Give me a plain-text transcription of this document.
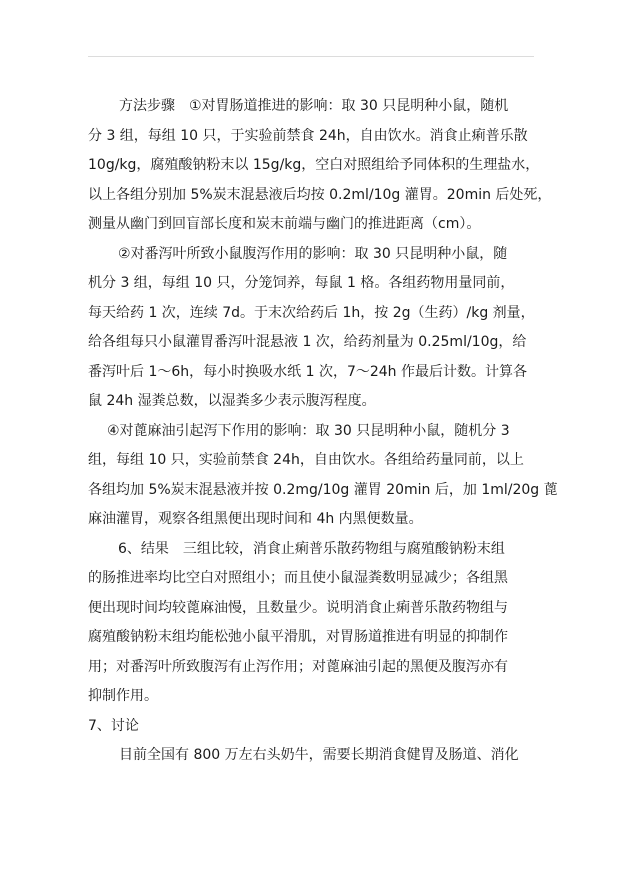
方法步骤　①对胃肠道推进的影响：取 30 只昆明种小鼠，随机
分 3 组，每组 10 只，于实验前禁食 24h，自由饮水。消食止痢普乐散
10g/kg，腐殖酸钠粉末以 15g/kg，空白对照组给予同体积的生理盐水，
以上各组分别加 5%炭末混悬液后均按 0.2ml/10g 灌胃。20min 后处死，
测量从幽门到回盲部长度和炭末前端与幽门的推进距离（cm）。
②对番泻叶所致小鼠腹泻作用的影响：取 30 只昆明种小鼠，随
机分 3 组，每组 10 只，分笼饲养，每鼠 1 格。各组药物用量同前，
每天给药 1 次，连续 7d。于末次给药后 1h，按 2g（生药）/kg 剂量，
给各组每只小鼠灌胃番泻叶混悬液 1 次，给药剂量为 0.25ml/10g，给
番泻叶后 1～6h，每小时换吸水纸 1 次，7～24h 作最后计数。计算各
鼠 24h 湿粪总数，以湿粪多少表示腹泻程度。
④对蓖麻油引起泻下作用的影响：取 30 只昆明种小鼠，随机分 3
组，每组 10 只，实验前禁食 24h，自由饮水。各组给药量同前，以上
各组均加 5%炭末混悬液并按 0.2mg/10g 灌胃 20min 后，加 1ml/20g 蓖
麻油灌胃，观察各组黑便出现时间和 4h 内黑便数量。
6、结果　三组比较，消食止痢普乐散药物组与腐殖酸钠粉末组
的肠推进率均比空白对照组小；而且使小鼠湿粪数明显减少；各组黑
便出现时间均较蓖麻油慢，且数量少。说明消食止痢普乐散药物组与
腐殖酸钠粉末组均能松弛小鼠平滑肌，对胃肠道推进有明显的抑制作
用；对番泻叶所致腹泻有止泻作用；对蓖麻油引起的黑便及腹泻亦有
抑制作用。
7、讨论
目前全国有 800 万左右头奶牛，需要长期消食健胃及肠道、消化
